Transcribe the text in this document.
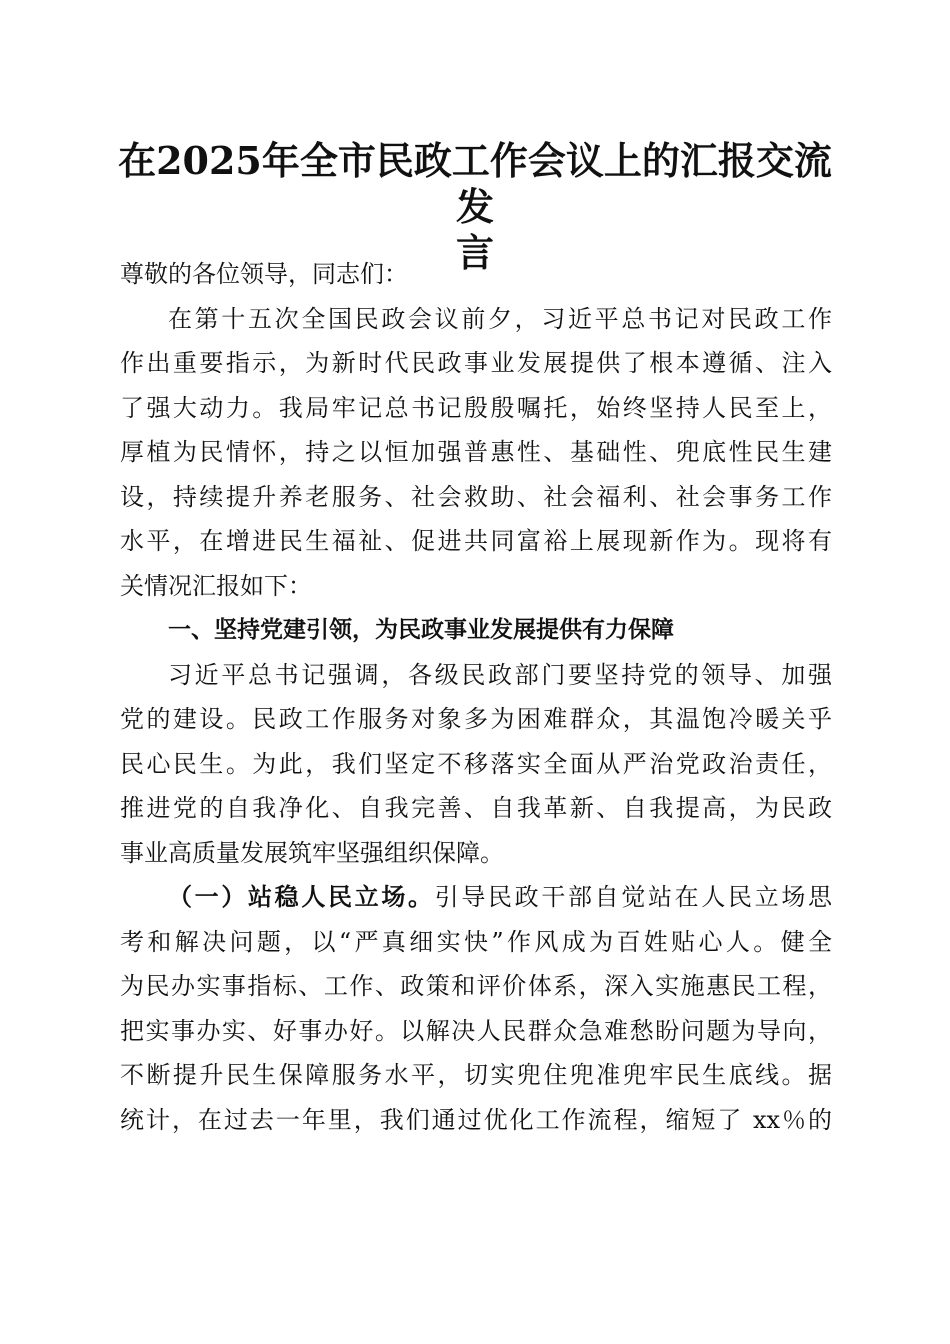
在2025年全市民政工作会议上的汇报交流发
言
尊敬的各位领导，同志们：
在第十五次全国民政会议前夕，习近平总书记对民政工作
作出重要指示，为新时代民政事业发展提供了根本遵循、注入
了强大动力。我局牢记总书记殷殷嘱托，始终坚持人民至上，
厚植为民情怀，持之以恒加强普惠性、基础性、兜底性民生建
设，持续提升养老服务、社会救助、社会福利、社会事务工作
水平，在增进民生福祉、促进共同富裕上展现新作为。现将有
关情况汇报如下：
一、坚持党建引领，为民政事业发展提供有力保障
习近平总书记强调，各级民政部门要坚持党的领导、加强
党的建设。民政工作服务对象多为困难群众，其温饱冷暖关乎
民心民生。为此，我们坚定不移落实全面从严治党政治责任，
推进党的自我净化、自我完善、自我革新、自我提高，为民政
事业高质量发展筑牢坚强组织保障。
（一）站稳人民立场。引导民政干部自觉站在人民立场思
考和解决问题，以“严真细实快”作风成为百姓贴心人。健全
为民办实事指标、工作、政策和评价体系，深入实施惠民工程，
把实事办实、好事办好。以解决人民群众急难愁盼问题为导向，
不断提升民生保障服务水平，切实兜住兜准兜牢民生底线。据
统计，在过去一年里，我们通过优化工作流程，缩短了 xx％的
